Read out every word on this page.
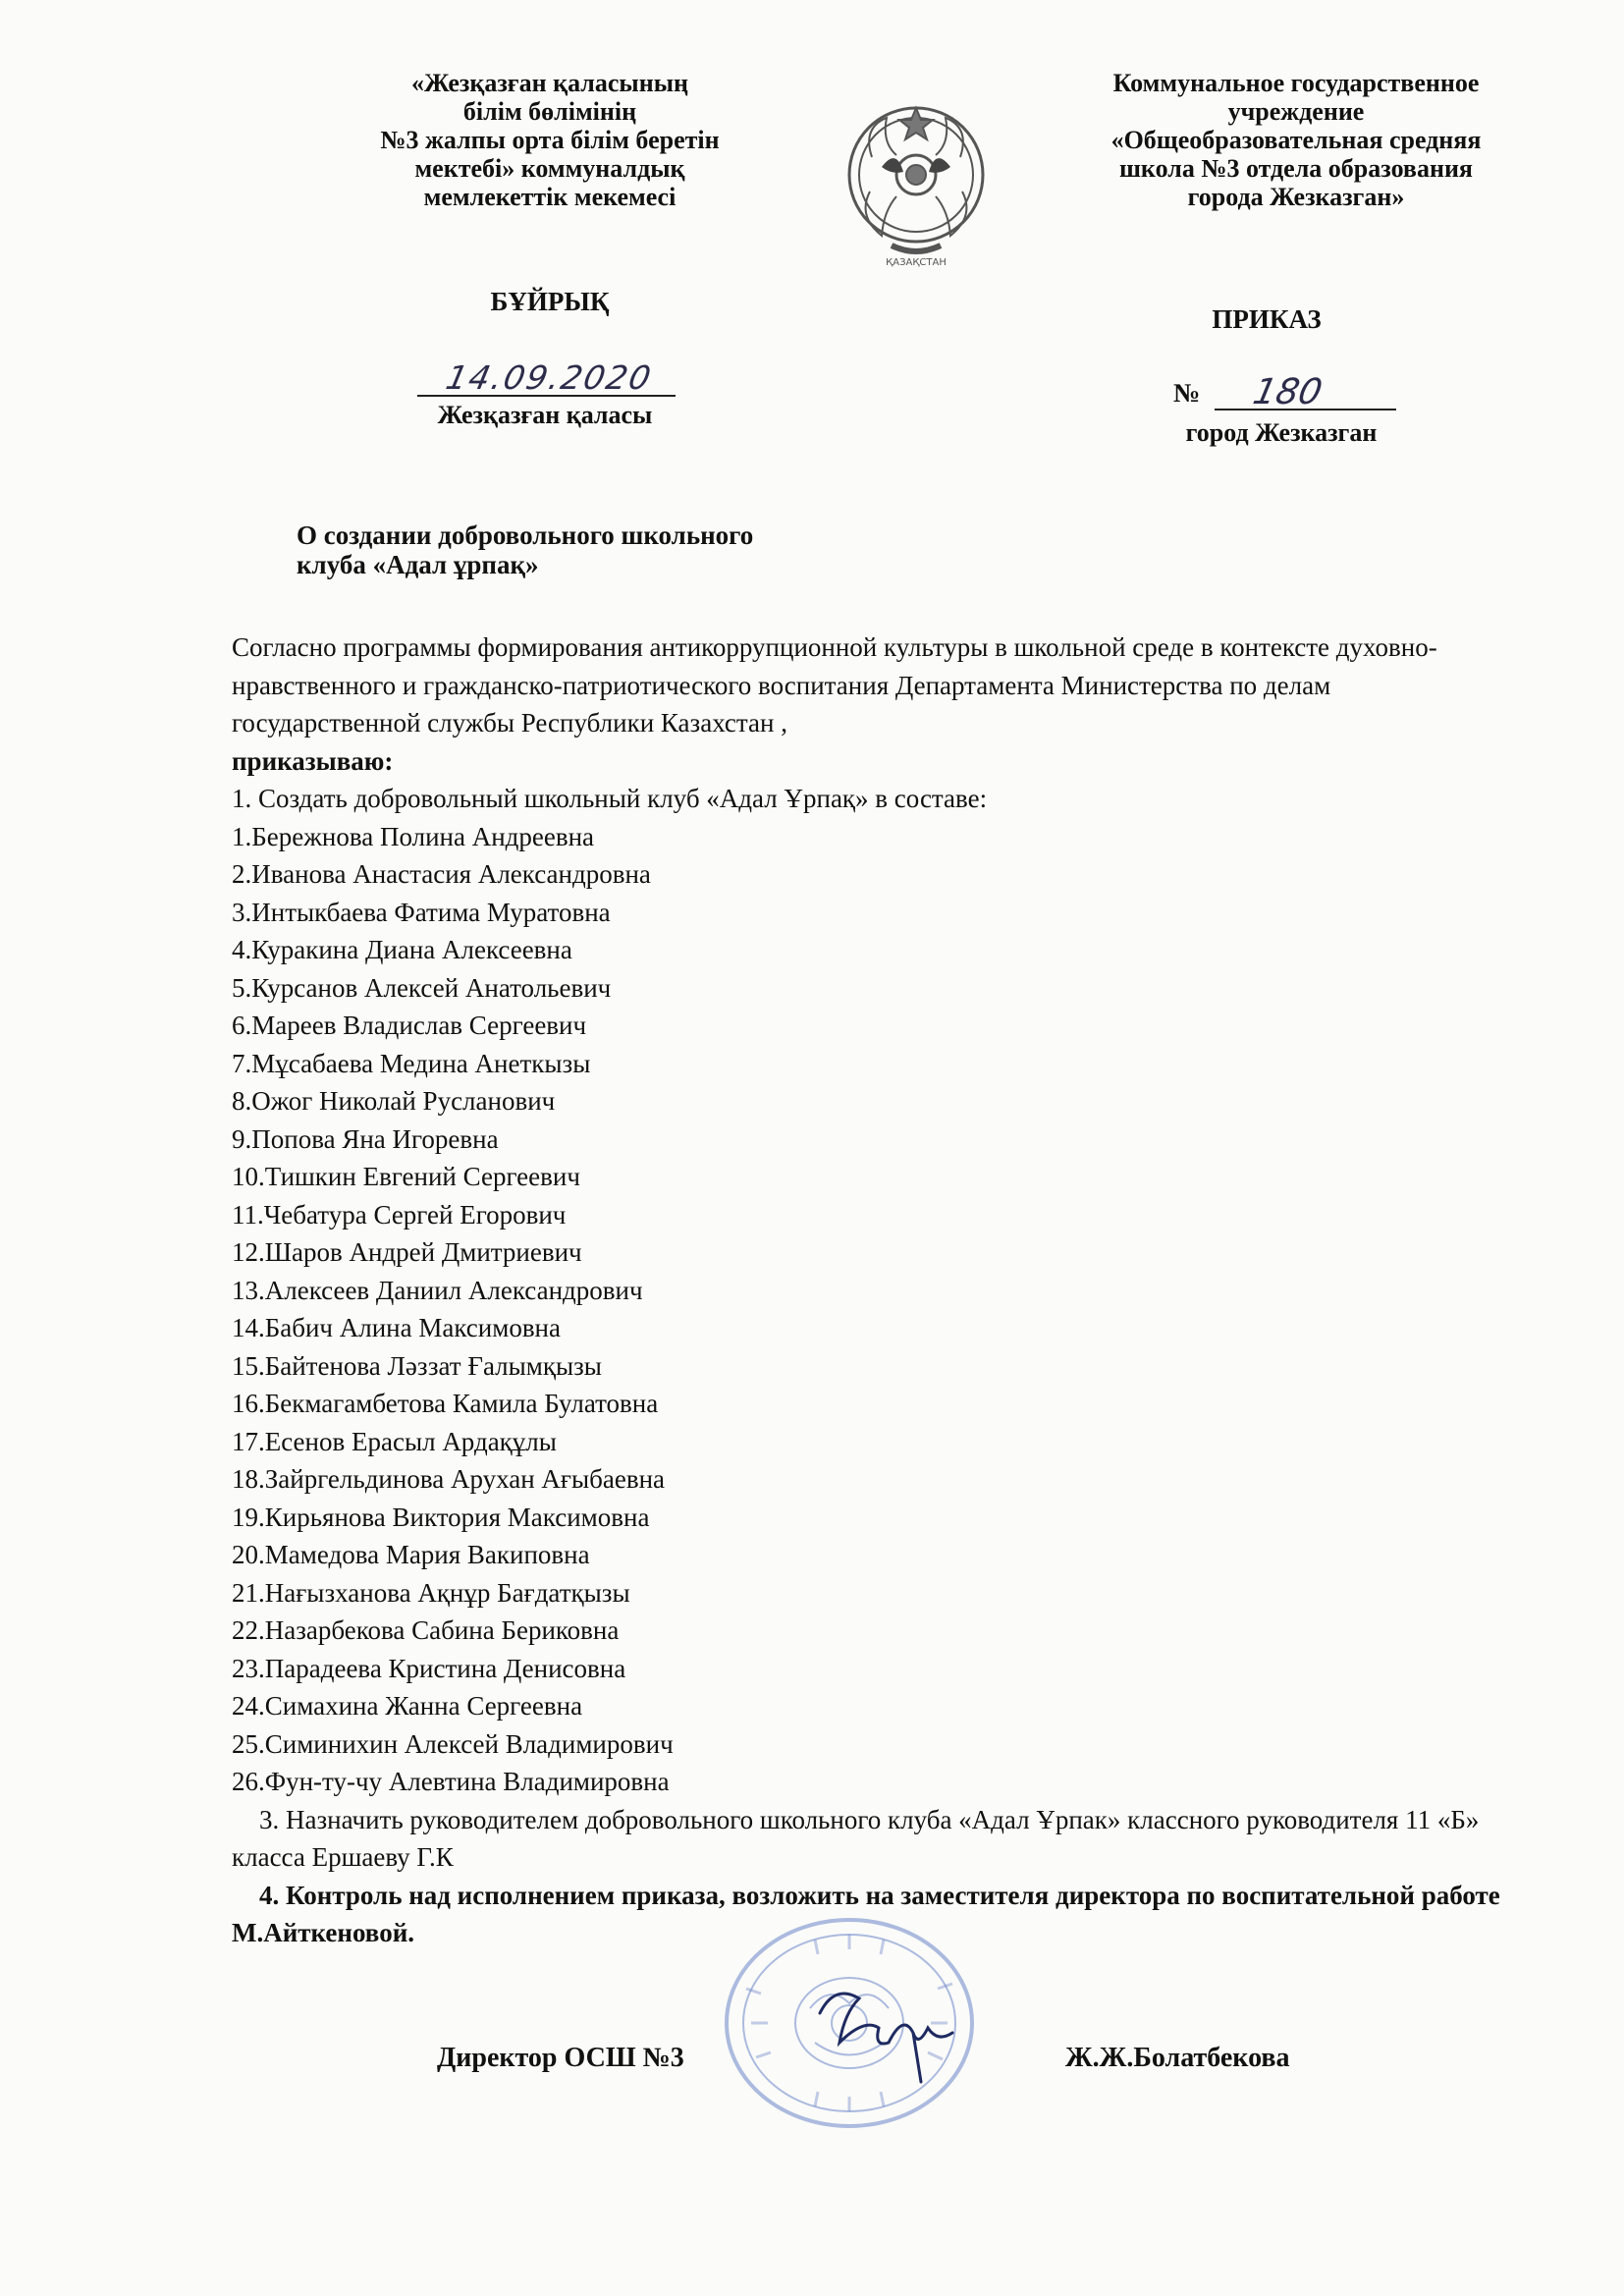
«Жезқазған қаласының
білім бөлімінің
№3 жалпы орта білім беретін
мектебі» коммуналдық
мемлекеттік мекемесі
ҚАЗАҚСТАН
Коммунальное государственное
учреждение
«Общеобразовательная средняя
школа №3 отдела образования
города Жезказган»
БҰЙРЫҚ
ПРИКАЗ
14.09.2020
Жезқазған қаласы
№ 180
город Жезказган
О создании добровольного школьного
клуба «Адал ұрпақ»

Согласно программы формирования антикоррупционной культуры в школьной среде в контексте духовно-нравственного и гражданско-патриотического воспитания Департамента Министерства по делам государственной службы Республики Казахстан ,

приказываю:

1. Создать добровольный школьный клуб «Адал Ұрпақ» в составе:

1.Бережнова Полина Андреевна

2.Иванова Анастасия Александровна

3.Интыкбаева Фатима Муратовна

4.Куракина Диана Алексеевна

5.Курсанов Алексей Анатольевич

6.Мареев Владислав Сергеевич

7.Мұсабаева Медина Анеткызы

8.Ожог Николай Русланович

9.Попова Яна Игоревна

10.Тишкин Евгений Сергеевич

11.Чебатура Сергей Егорович

12.Шаров Андрей Дмитриевич

13.Алексеев Даниил Александрович

14.Бабич Алина Максимовна

15.Байтенова Ләззат Ғалымқызы

16.Бекмагамбетова Камила Булатовна

17.Есенов Ерасыл Ардақұлы

18.Зайргельдинова Арухан Ағыбаевна

19.Кирьянова Виктория Максимовна

20.Мамедова Мария Вакиповна

21.Нағызханова Ақнұр Бағдатқызы

22.Назарбекова Сабина Бериковна

23.Парадеева Кристина Денисовна

24.Симахина Жанна Сергеевна

25.Симинихин Алексей Владимирович

26.Фун-ту-чу Алевтина Владимировна

3. Назначить руководителем добровольного школьного клуба «Адал Ұрпак» классного руководителя 11 «Б» класса Ершаеву Г.К

4. Контроль над исполнением приказа, возложить на заместителя директора по воспитательной работе М.Айткеновой.

Директор ОСШ №3	Ж.Ж.Болатбекова
